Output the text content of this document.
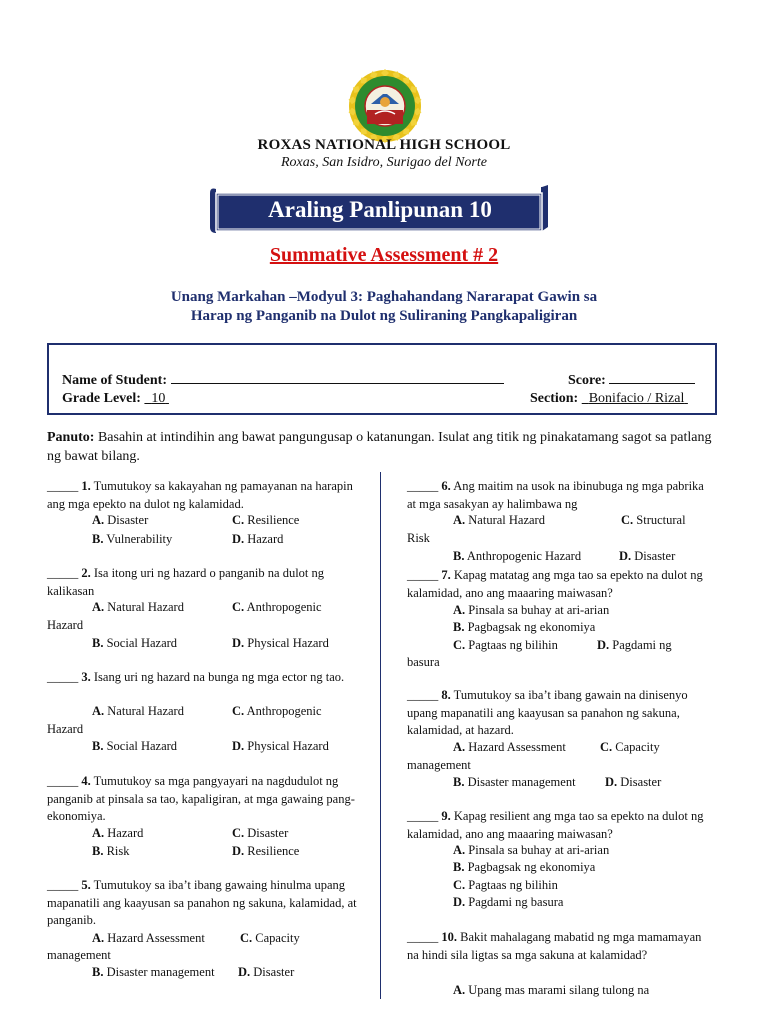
ROXAS NATIONAL HIGH SCHOOL
Roxas, San Isidro, Surigao del Norte
Araling Panlipunan 10
Summative Assessment # 2
Unang Markahan –Modyul 3: Paghahandang Nararapat Gawin sa
Harap ng Panganib na Dulot ng Suliraning Pangkapaligiran
Name of Student:	Score:
Grade Level: 10	Section: Bonifacio / Rizal
Panuto: Basahin at intindihin ang bawat pangungusap o katanungan. Isulat ang titik ng pinakatamang sagot sa patlang ng bawat bilang.
_____ 1. Tumutukoy sa kakayahan ng pamayanan na harapin ang mga epekto na dulot ng kalamidad.
A. Disaster	C. Resilience
B. Vulnerability	D. Hazard
_____ 2. Isa itong uri ng hazard o panganib na dulot ng kalikasan
A. Natural Hazard	C. Anthropogenic
Hazard
B. Social Hazard	D. Physical Hazard
_____ 3. Isang uri ng hazard na bunga ng mga ector ng tao.
A. Natural Hazard	C. Anthropogenic
Hazard
B. Social Hazard	D. Physical Hazard
_____ 4. Tumutukoy sa mga pangyayari na nagdudulot ng panganib at pinsala sa tao, kapaligiran, at mga gawaing pang-ekonomiya.
A. Hazard	C. Disaster
B. Risk	D. Resilience
_____ 5. Tumutukoy sa iba’t ibang gawaing hinulma upang mapanatili ang kaayusan sa panahon ng sakuna, kalamidad, at panganib.
A. Hazard Assessment	C. Capacity
management
B. Disaster management D. Disaster
_____ 6. Ang maitim na usok na ibinubuga ng mga pabrika at mga sasakyan ay halimbawa ng
A. Natural Hazard	C. Structural
Risk
B. Anthropogenic Hazard	D. Disaster
_____ 7. Kapag matatag ang mga tao sa epekto na dulot ng kalamidad, ano ang maaaring maiwasan?
A. Pinsala sa buhay at ari-arian
B. Pagbagsak ng ekonomiya
C. Pagtaas ng bilihin	D. Pagdami ng
basura
_____ 8. Tumutukoy sa iba’t ibang gawain na dinisenyo upang mapanatili ang kaayusan sa panahon ng sakuna, kalamidad, at hazard.
A. Hazard Assessment	C. Capacity
management
B. Disaster management D. Disaster
_____ 9. Kapag resilient ang mga tao sa epekto na dulot ng kalamidad, ano ang maaaring maiwasan?
A. Pinsala sa buhay at ari-arian
B. Pagbagsak ng ekonomiya
C. Pagtaas ng bilihin
D. Pagdami ng basura
_____ 10. Bakit mahalagang mabatid ng mga mamamayan na hindi sila ligtas sa mga sakuna at kalamidad?
A. Upang mas marami silang tulong na
